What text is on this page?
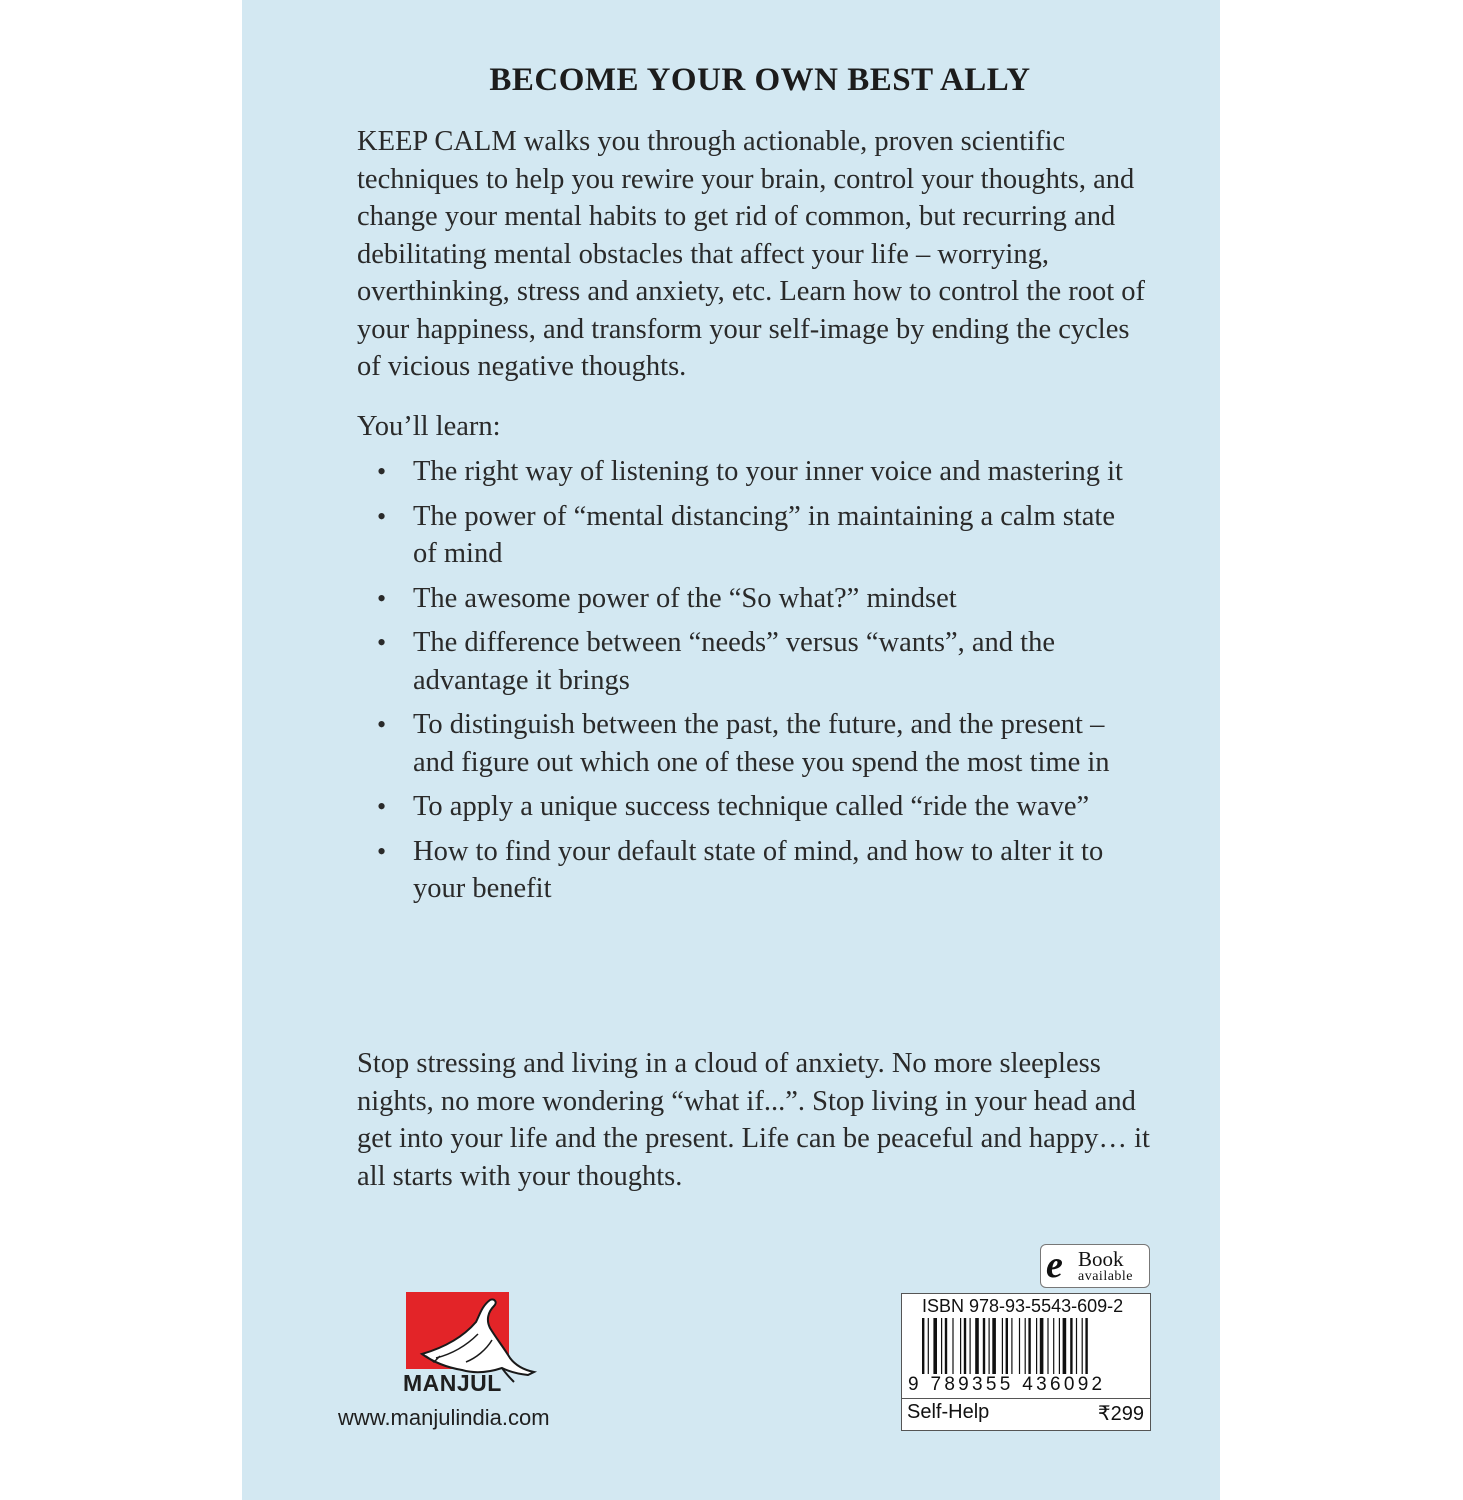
BECOME YOUR OWN BEST ALLY

KEEP CALM walks you through actionable, proven scientific techniques to help you rewire your brain, control your thoughts, and change your mental habits to get rid of common, but recurring and debilitating mental obstacles that affect your life – worrying, overthinking, stress and anxiety, etc. Learn how to control the root of your happiness, and transform your self-image by ending the cycles of vicious negative thoughts.

You’ll learn:

• The right way of listening to your inner voice and mastering it
• The power of “mental distancing” in maintaining a calm state of mind
• The awesome power of the “So what?” mindset
• The difference between “needs” versus “wants”, and the advantage it brings
• To distinguish between the past, the future, and the present – and figure out which one of these you spend the most time in
• To apply a unique success technique called “ride the wave”
• How to find your default state of mind, and how to alter it to your benefit

Stop stressing and living in a cloud of anxiety. No more sleepless nights, no more wondering “what if...”. Stop living in your head and get into your life and the present. Life can be peaceful and happy… it all starts with your thoughts.

MANJUL
www.manjulindia.com
e Book
available
ISBN 978-93-5543-609-2
9 789355 436092
Self-Help	₹299
